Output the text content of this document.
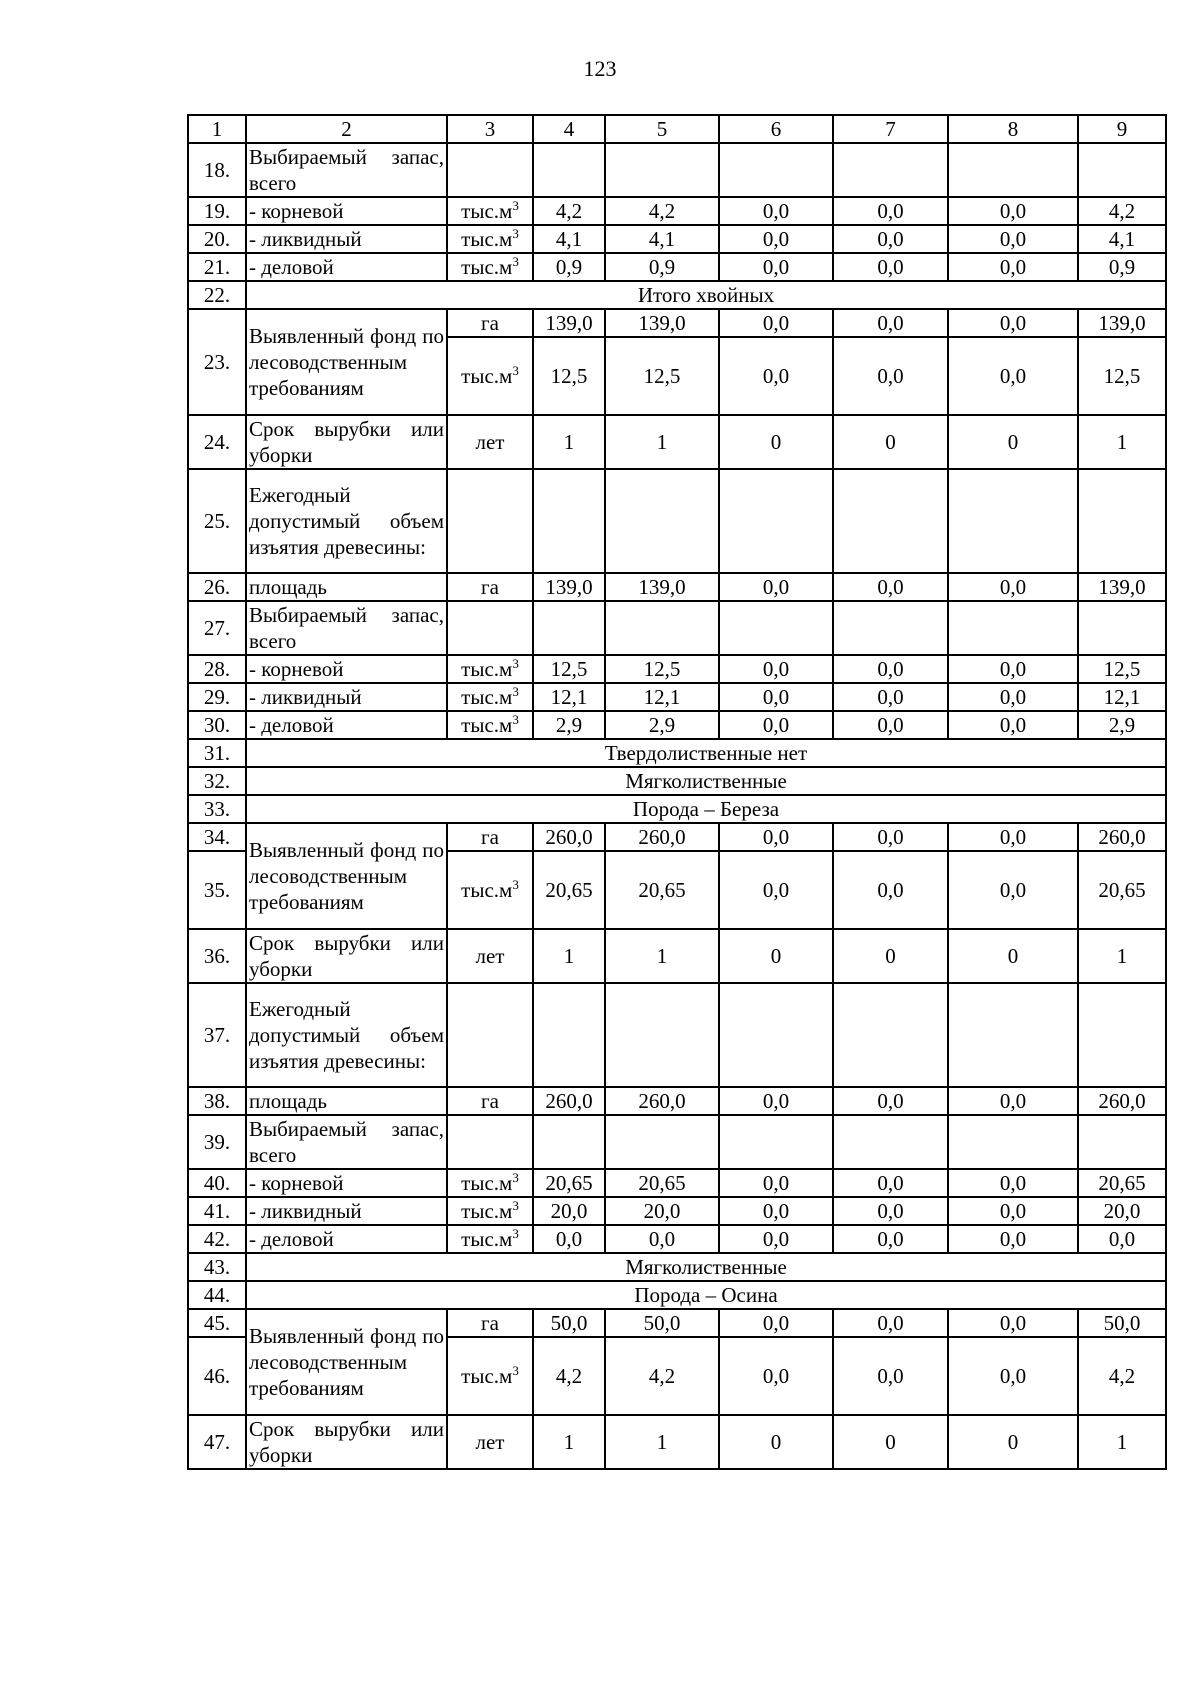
123
1	2	3	4	5	6	7	8	9
18.	Выбираемый запас, всего							
19.	- корневой	$тыс.м^3$	4,2	4,2	0,0	0,0	0,0	4,2
20.	- ликвидный	$тыс.м^3$	4,1	4,1	0,0	0,0	0,0	4,1
21.	- деловой	$тыс.м^3$	0,9	0,9	0,0	0,0	0,0	0,9
22.	Итого хвойных							
23.	Выявленный фонд по лесоводственным требованиям	га	139,0	139,0	0,0	0,0	0,0	139,0
		$тыс.м^3$	12,5	12,5	0,0	0,0	0,0	12,5
24.	Срок вырубки или уборки	лет	1	1	0	0	0	1
25.	Ежегодный допустимый объем изъятия древесины:							
26.	площадь	га	139,0	139,0	0,0	0,0	0,0	139,0
27.	Выбираемый запас, всего							
28.	- корневой	$тыс.м^3$	12,5	12,5	0,0	0,0	0,0	12,5
29.	- ликвидный	$тыс.м^3$	12,1	12,1	0,0	0,0	0,0	12,1
30.	- деловой	$тыс.м^3$	2,9	2,9	0,0	0,0	0,0	2,9
31.	Твердолиственные нет							
32.	Мягколиственные							
33.	Порода – Береза							
34.	Выявленный фонд по лесоводственным требованиям	га	260,0	260,0	0,0	0,0	0,0	260,0
35.		$тыс.м^3$	20,65	20,65	0,0	0,0	0,0	20,65
36.	Срок вырубки или уборки	лет	1	1	0	0	0	1
37.	Ежегодный допустимый объем изъятия древесины:							
38.	площадь	га	260,0	260,0	0,0	0,0	0,0	260,0
39.	Выбираемый запас, всего							
40.	- корневой	$тыс.м^3$	20,65	20,65	0,0	0,0	0,0	20,65
41.	- ликвидный	$тыс.м^3$	20,0	20,0	0,0	0,0	0,0	20,0
42.	- деловой	$тыс.м^3$	0,0	0,0	0,0	0,0	0,0	0,0
43.	Мягколиственные							
44.	Порода – Осина							
45.	Выявленный фонд по лесоводственным требованиям	га	50,0	50,0	0,0	0,0	0,0	50,0
46.		$тыс.м^3$	4,2	4,2	0,0	0,0	0,0	4,2
47.	Срок вырубки или уборки	лет	1	1	0	0	0	1
